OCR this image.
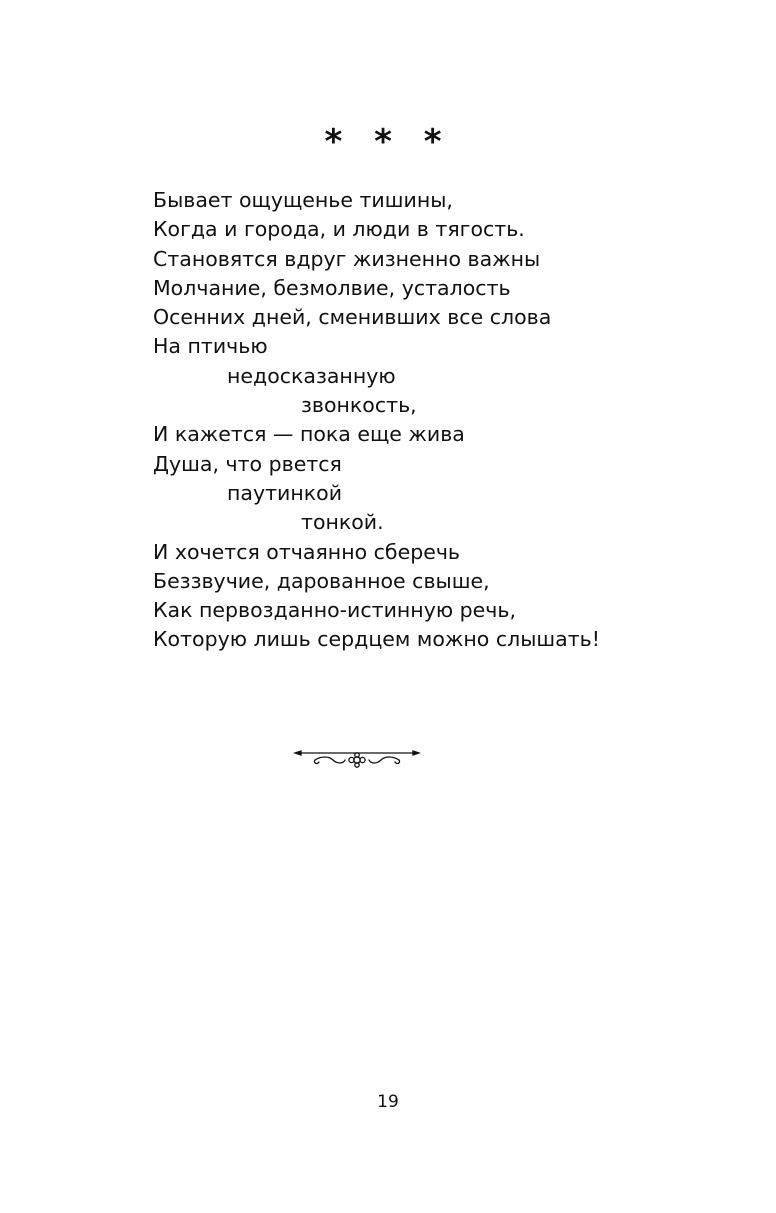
* * *
Бывает ощущенье тишины,
Когда и города, и люди в тягость.
Становятся вдруг жизненно важны
Молчание, безмолвие, усталость
Осенних дней, сменивших все слова
На птичью
недосказанную
звонкость,
И кажется — пока еще жива
Душа, что рвется
паутинкой
тонкой.
И хочется отчаянно сберечь
Беззвучие, дарованное свыше,
Как первозданно-истинную речь,
Которую лишь сердцем можно слышать!
19
